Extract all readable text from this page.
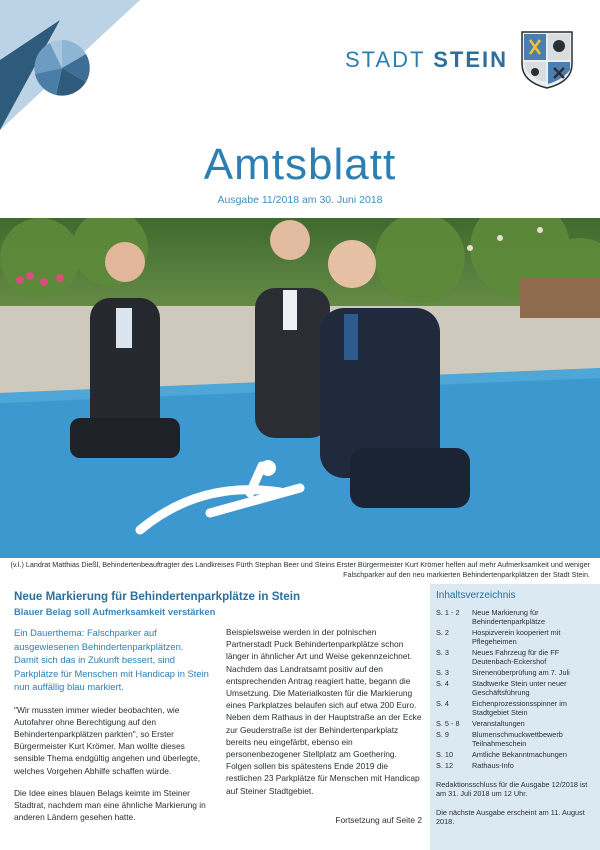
STADT STEIN
Amtsblatt
Ausgabe 11/2018 am 30. Juni 2018
(v.l.) Landrat Matthias Dießl, Behindertenbeauftragter des Landkreises Fürth Stephan Beer und Steins Erster Bürgermeister Kurt Krömer helfen auf mehr Aufmerksamkeit und weniger Falschparker auf den neu markierten Behindertenparkplätzen der Stadt Stein.
Neue Markierung für Behindertenparkplätze in Stein
Blauer Belag soll Aufmerksamkeit verstärken

Ein Dauerthema: Falschparker auf ausgewiesenen Behindertenparkplätzen. Damit sich das in Zukunft bessert, sind Parkplätze für Menschen mit Handicap in Stein nun auffällig blau markiert.

"Wir mussten immer wieder beobachten, wie Autofahrer ohne Berechtigung auf den Behindertenparkplätzen parkten", so Erster Bürgermeister Kurt Krömer. Man wollte dieses sensible Thema endgültig angehen und überlegte, welches Vorgehen Abhilfe schaffen würde.

Die Idee eines blauen Belags keimte im Steiner Stadtrat, nachdem man eine ähnliche Markierung in anderen Ländern gesehen hatte.

Beispielsweise werden in der polnischen Partnerstadt Puck Behindertenparkplätze schon länger in ähnlicher Art und Weise gekennzeichnet. Nachdem das Landratsamt positiv auf den entsprechenden Antrag reagiert hatte, begann die Umsetzung. Die Materialkosten für die Markierung eines Parkplatzes belaufen sich auf etwa 200 Euro. Neben dem Rathaus in der Hauptstraße an der Ecke zur Geuderstraße ist der Behindertenparkplatz bereits neu eingefärbt, ebenso ein personenbezogener Stellplatz am Goethering. Folgen sollen bis spätestens Ende 2019 die restlichen 23 Parkplätze für Menschen mit Handicap auf Steiner Stadtgebiet.

Fortsetzung auf Seite 2
Inhaltsverzeichnis
S. 1 - 2	Neue Markierung für Behindertenparkplätze
S. 2	Hospizverein kooperiert mit Pflegeheimen
S. 3	Neues Fahrzeug für die FF Deutenbach-Eckershof
S. 3	Sirenenüberprüfung am 7. Juli
S. 4	Stadtwerke Stein unter neuer Geschäftsführung
S. 4	Eichenprozessionsspinner im Stadtgebiet Stein
S. 5 - 8	Veranstaltungen
S. 9	Blumenschmuckwettbewerb Teilnahmeschein
S. 10	Amtliche Bekanntmachungen
S. 12	Rathaus-Info
Redaktionsschluss für die Ausgabe 12/2018 ist am 31. Juli 2018 um 12 Uhr.
Die nächste Ausgabe erscheint am 11. August 2018.
